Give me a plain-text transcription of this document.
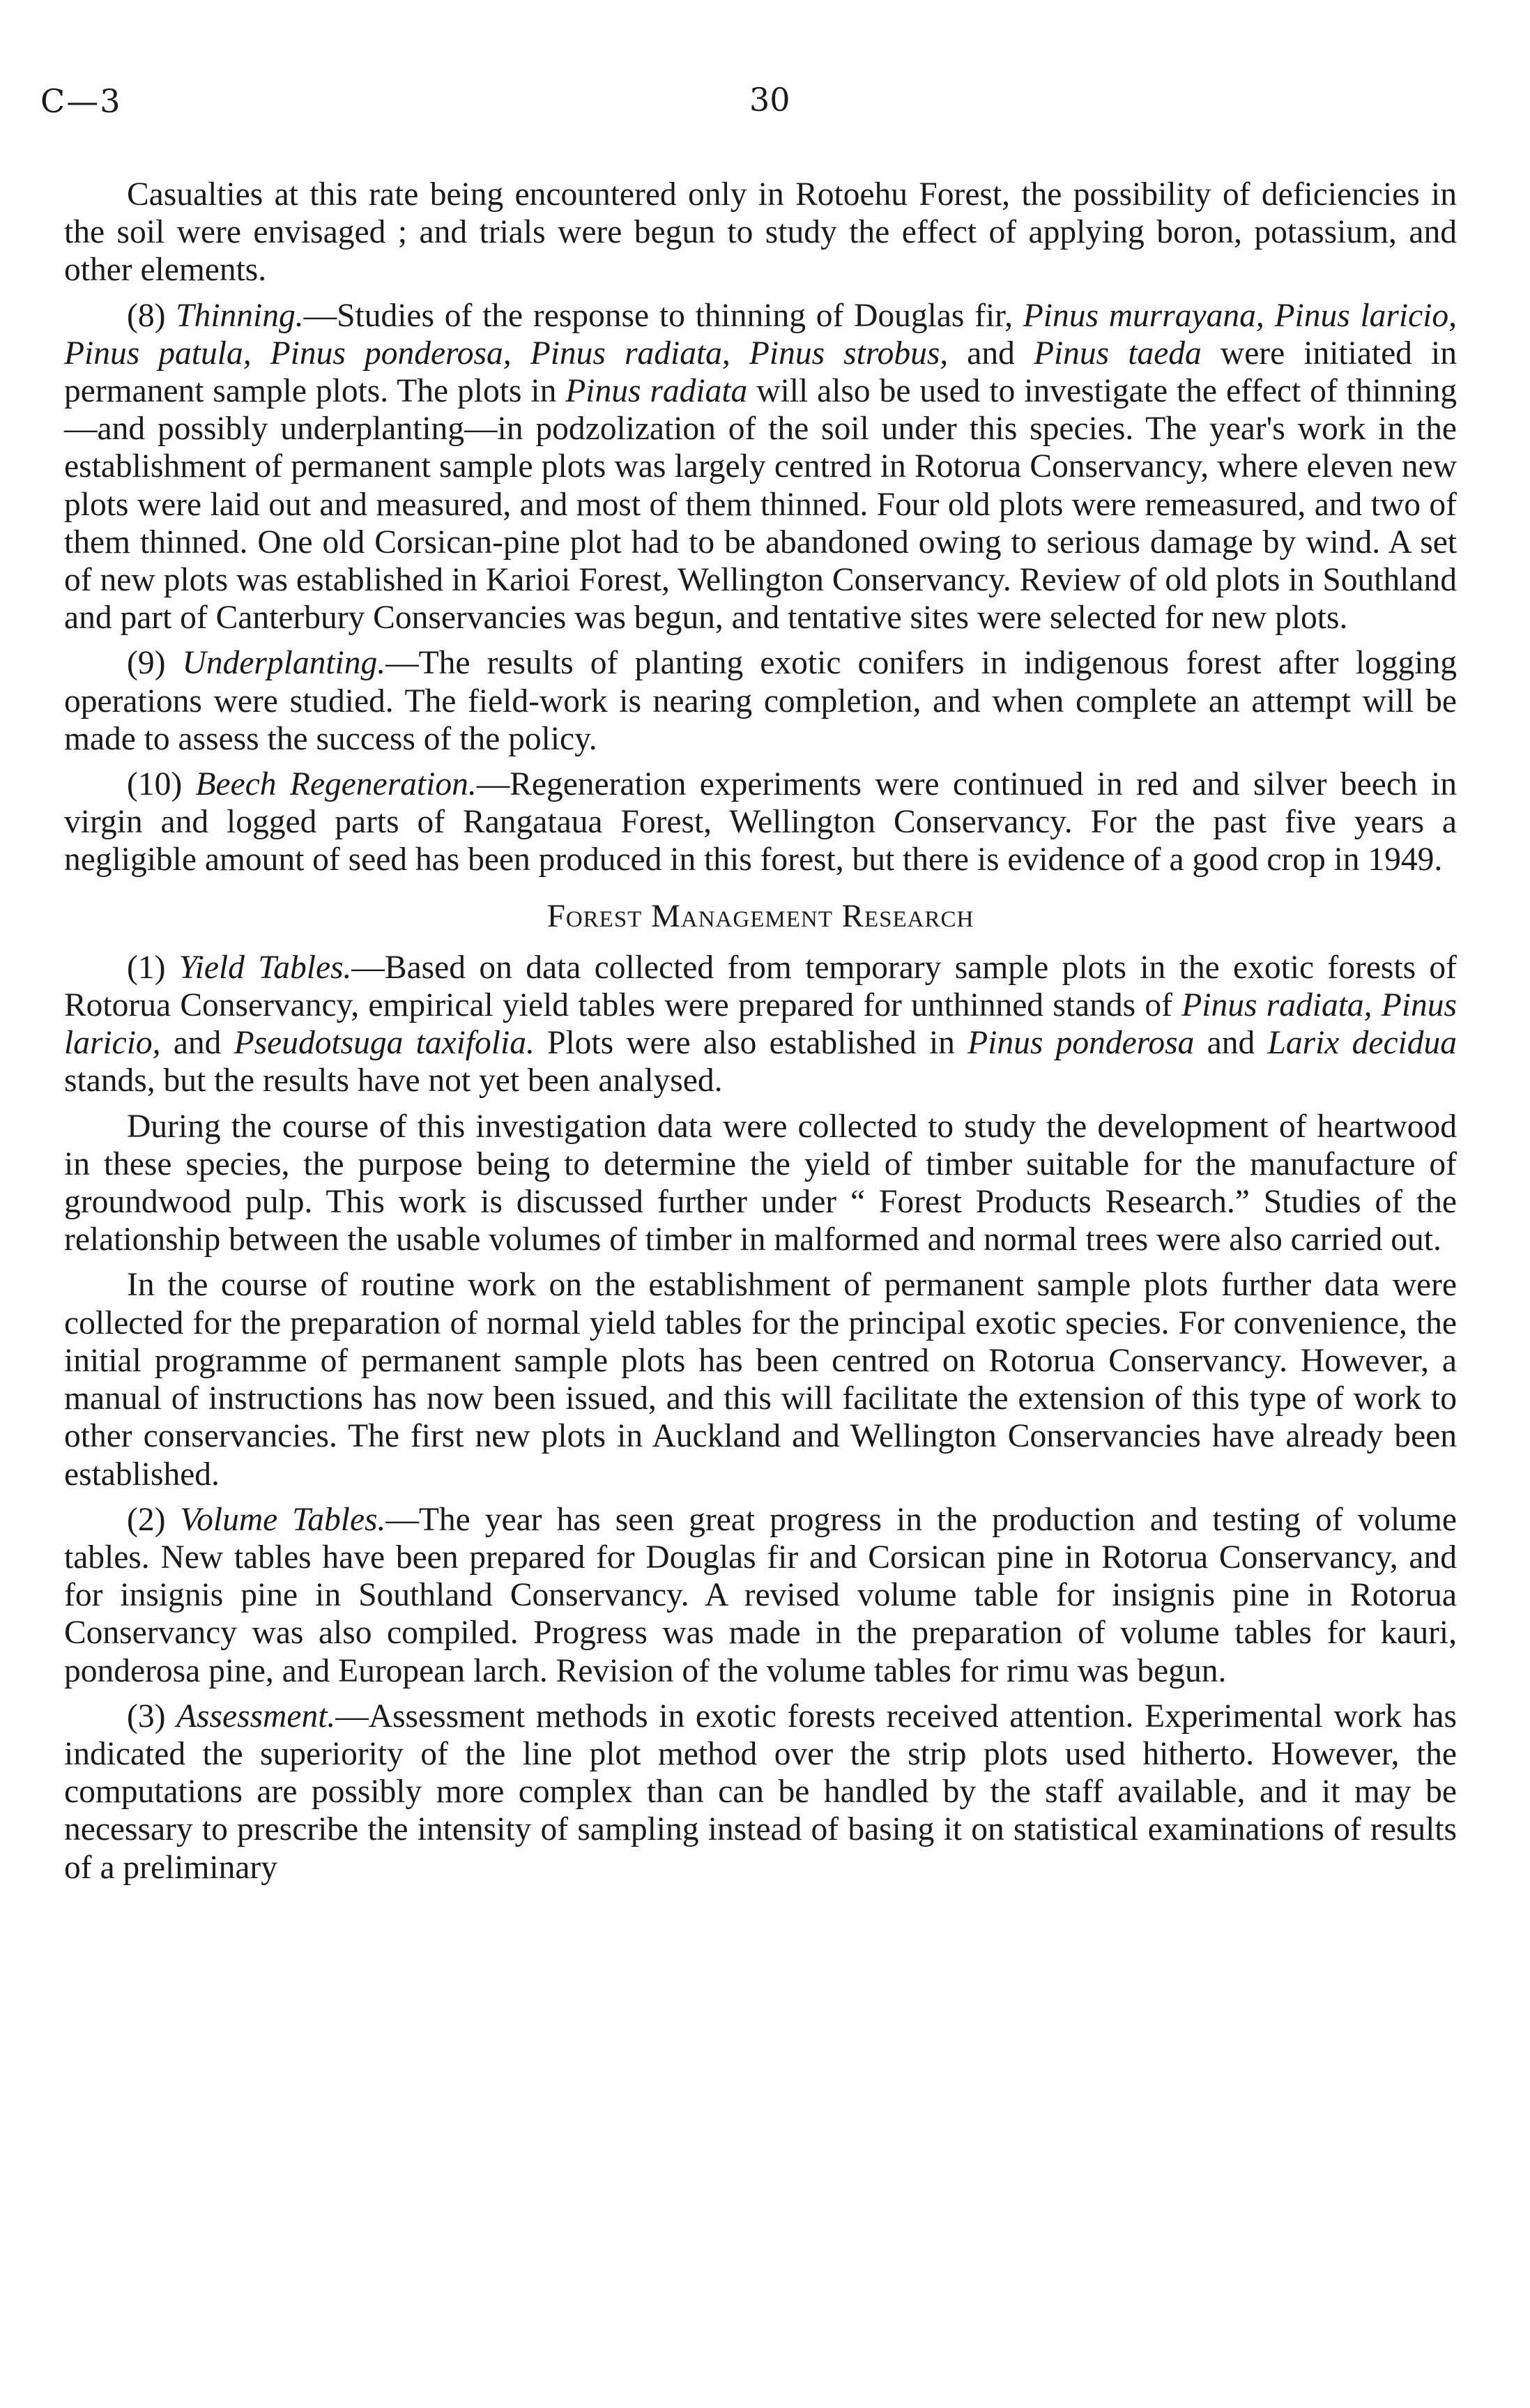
C—3	30

Casualties at this rate being encountered only in Rotoehu Forest, the possibility of deficiencies in the soil were envisaged ; and trials were begun to study the effect of applying boron, potassium, and other elements.

(8) Thinning.—Studies of the response to thinning of Douglas fir, Pinus murrayana, Pinus laricio, Pinus patula, Pinus ponderosa, Pinus radiata, Pinus strobus, and Pinus taeda were initiated in permanent sample plots. The plots in Pinus radiata will also be used to investigate the effect of thinning—and possibly underplanting—in podzolization of the soil under this species. The year's work in the establishment of permanent sample plots was largely centred in Rotorua Conservancy, where eleven new plots were laid out and measured, and most of them thinned. Four old plots were remeasured, and two of them thinned. One old Corsican-pine plot had to be abandoned owing to serious damage by wind. A set of new plots was established in Karioi Forest, Wellington Conservancy. Review of old plots in Southland and part of Canterbury Conservancies was begun, and tentative sites were selected for new plots.

(9) Underplanting.—The results of planting exotic conifers in indigenous forest after logging operations were studied. The field-work is nearing completion, and when complete an attempt will be made to assess the success of the policy.

(10) Beech Regeneration.—Regeneration experiments were continued in red and silver beech in virgin and logged parts of Rangataua Forest, Wellington Conservancy. For the past five years a negligible amount of seed has been produced in this forest, but there is evidence of a good crop in 1949.

Forest Management Research

(1) Yield Tables.—Based on data collected from temporary sample plots in the exotic forests of Rotorua Conservancy, empirical yield tables were prepared for unthinned stands of Pinus radiata, Pinus laricio, and Pseudotsuga taxifolia. Plots were also established in Pinus ponderosa and Larix decidua stands, but the results have not yet been analysed.

During the course of this investigation data were collected to study the development of heartwood in these species, the purpose being to determine the yield of timber suitable for the manufacture of groundwood pulp. This work is discussed further under “ Forest Products Research.” Studies of the relationship between the usable volumes of timber in malformed and normal trees were also carried out.

In the course of routine work on the establishment of permanent sample plots further data were collected for the preparation of normal yield tables for the principal exotic species. For convenience, the initial programme of permanent sample plots has been centred on Rotorua Conservancy. However, a manual of instructions has now been issued, and this will facilitate the extension of this type of work to other conservancies. The first new plots in Auckland and Wellington Conservancies have already been established.

(2) Volume Tables.—The year has seen great progress in the production and testing of volume tables. New tables have been prepared for Douglas fir and Corsican pine in Rotorua Conservancy, and for insignis pine in Southland Conservancy. A revised volume table for insignis pine in Rotorua Conservancy was also compiled. Progress was made in the preparation of volume tables for kauri, ponderosa pine, and European larch. Revision of the volume tables for rimu was begun.

(3) Assessment.—Assessment methods in exotic forests received attention. Experimental work has indicated the superiority of the line plot method over the strip plots used hitherto. However, the computations are possibly more complex than can be handled by the staff available, and it may be necessary to prescribe the intensity of sampling instead of basing it on statistical examinations of results of a preliminary
